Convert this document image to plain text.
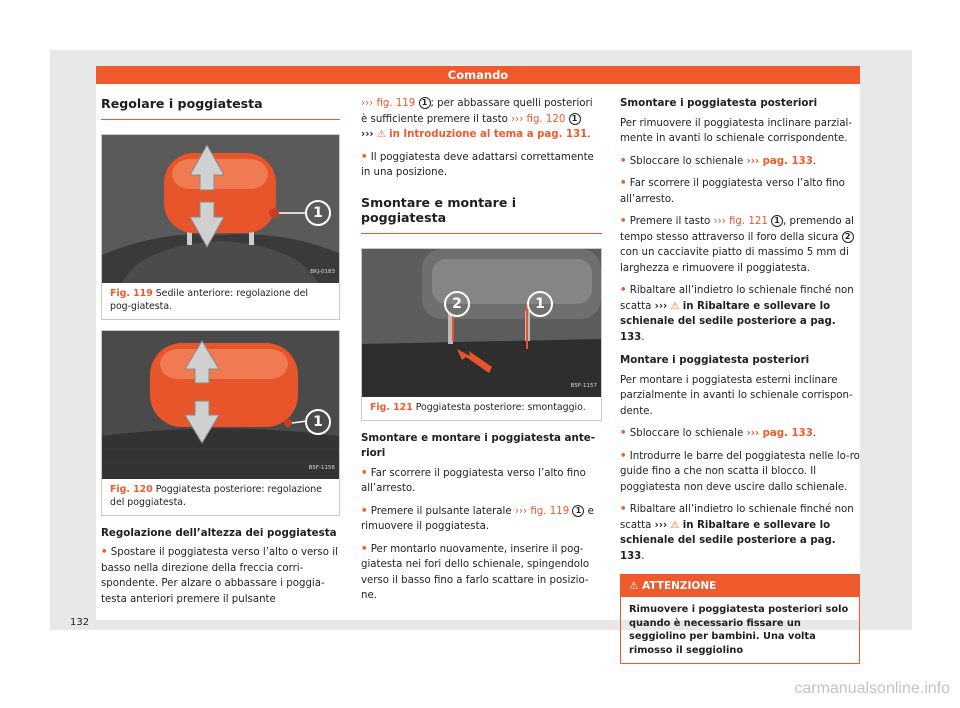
Comando
Regolare i poggiatesta
1
BKJ-0183
Fig. 119 Sedile anteriore: regolazione del pog-giatesta.
1
B5F-1156
Fig. 120 Poggiatesta posteriore: regolazione del poggiatesta.
Regolazione dell’altezza dei poggiatesta
• Spostare il poggiatesta verso l’alto o verso il basso nella direzione della freccia corri-spondente. Per alzare o abbassare i poggia-testa anteriori premere il pulsante
››› fig. 119 1 ; per abbassare quelli posteriori è sufficiente premere il tasto ››› fig. 120 1
››› ⚠ in Introduzione al tema a pag. 131.
• Il poggiatesta deve adattarsi correttamente in una posizione.
Smontare e montare i poggiatesta
2	1
B5F-1157
Fig. 121 Poggiatesta posteriore: smontaggio.
Smontare e montare i poggiatesta ante-riori
• Far scorrere il poggiatesta verso l’alto fino all’arresto.
• Premere il pulsante laterale ››› fig. 119 1 e rimuovere il poggiatesta.
• Per montarlo nuovamente, inserire il pog-giatesta nei fori dello schienale, spingendolo verso il basso fino a farlo scattare in posizio-ne.
Smontare i poggiatesta posteriori
Per rimuovere il poggiatesta inclinare parzial-mente in avanti lo schienale corrispondente.
• Sbloccare lo schienale ››› pag. 133.
• Far scorrere il poggiatesta verso l’alto fino all’arresto.
• Premere il tasto ››› fig. 121 1 , premendo al tempo stesso attraverso il foro della sicura 2 con un cacciavite piatto di massimo 5 mm di larghezza e rimuovere il poggiatesta.
• Ribaltare all’indietro lo schienale finché non scatta ››› ⚠ in Ribaltare e sollevare lo schienale del sedile posteriore a pag. 133.
Montare i poggiatesta posteriori
Per montare i poggiatesta esterni inclinare parzialmente in avanti lo schienale corrispon-dente.
• Sbloccare lo schienale ››› pag. 133.
• Introdurre le barre del poggiatesta nelle lo-ro guide fino a che non scatta il blocco. Il poggiatesta non deve uscire dallo schienale.
• Ribaltare all’indietro lo schienale finché non scatta ››› ⚠ in Ribaltare e sollevare lo schienale del sedile posteriore a pag. 133.
⚠ ATTENZIONE
Rimuovere i poggiatesta posteriori solo quando è necessario fissare un seggiolino per bambini. Una volta rimosso il seggiolino
132
carmanualsonline.info
